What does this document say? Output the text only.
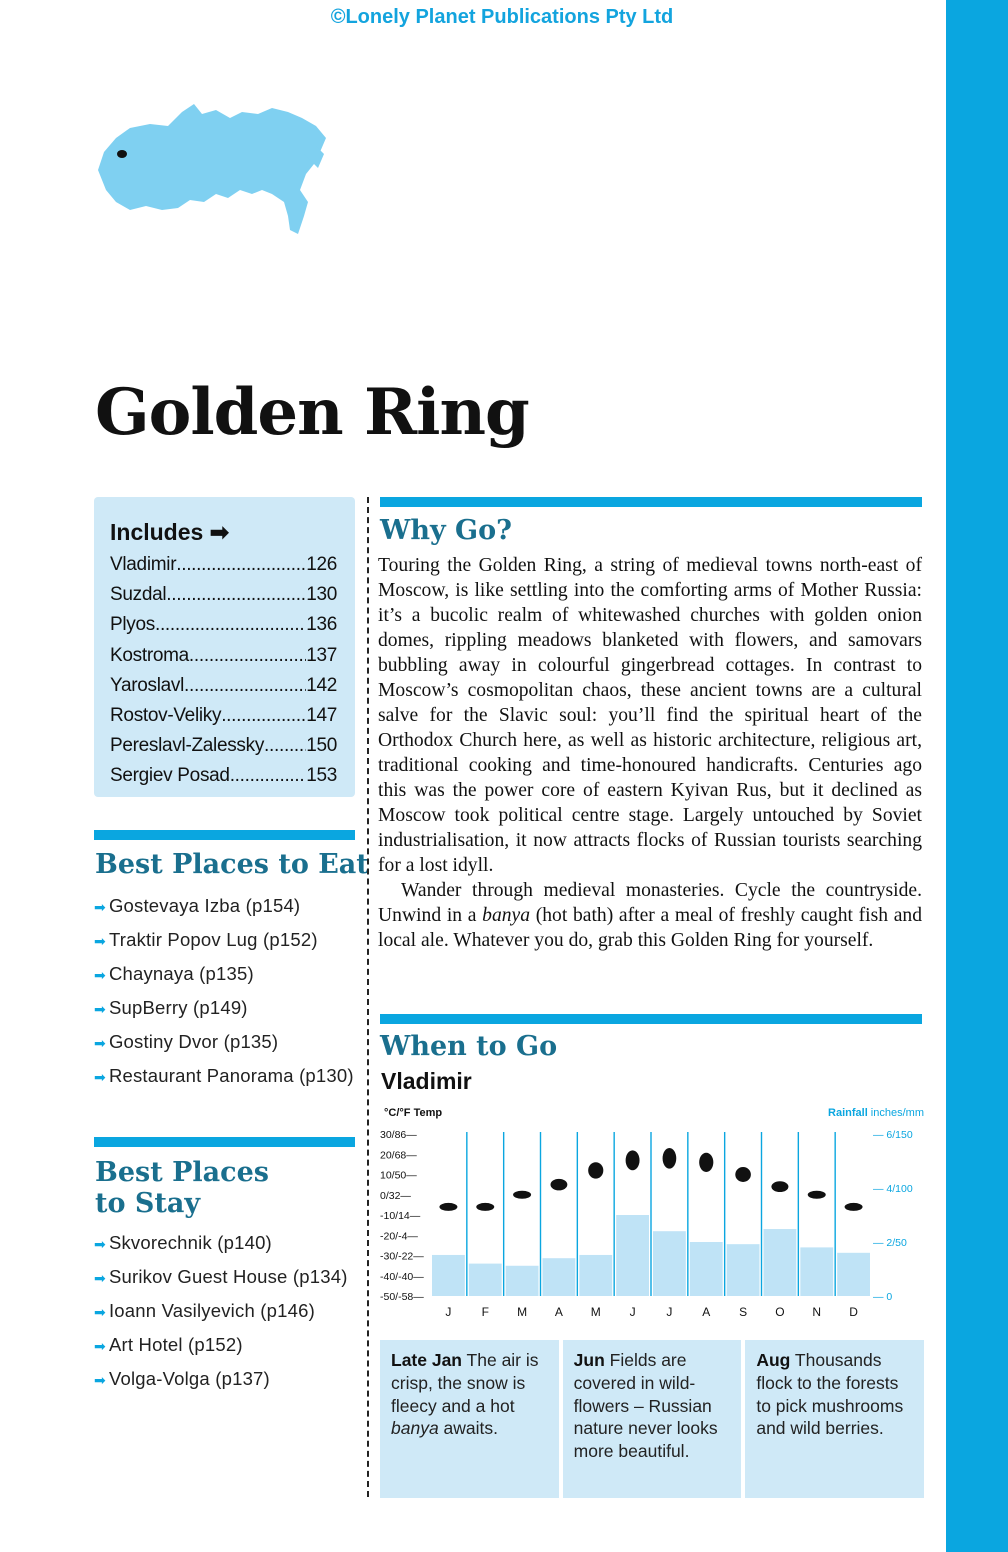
©Lonely Planet Publications Pty Ltd
Golden Ring
Includes ➡
Vladimir .....	126
Suzdal .....	130
Plyos .....	136
Kostroma .....	137
Yaroslavl .....	142
Rostov-Veliky .....	147
Pereslavl-Zalessky ..... 150
Sergiev Posad .....	153
Best Places to Eat
➡ Gostevaya Izba (p154)
➡ Traktir Popov Lug (p152)
➡ Chaynaya (p135)
➡ SupBerry (p149)
➡ Gostiny Dvor (p135)
➡ Restaurant Panorama (p130)
Best Places
to Stay
➡ Skvorechnik (p140)
➡ Surikov Guest House (p134)
➡ Ioann Vasilyevich (p146)
➡ Art Hotel (p152)
➡ Volga-Volga (p137)
Why Go?

Touring the Golden Ring, a string of medieval towns north-east of Moscow, is like settling into the comforting arms of Mother Russia: it’s a bucolic realm of whitewashed churches with golden onion domes, rippling meadows blanketed with flowers, and samovars bubbling away in colourful gingerbread cottages. In contrast to Moscow’s cosmopolitan chaos, these ancient towns are a cultural salve for the Slavic soul: you’ll find the spiritual heart of the Orthodox Church here, as well as historic architecture, religious art, traditional cooking and time-honoured handicrafts. Centuries ago this was the power core of eastern Kyivan Rus, but it declined as Moscow took political centre stage. Largely untouched by Soviet industrialisation, it now attracts flocks of Russian tourists searching for a lost idyll.

Wander through medieval monasteries. Cycle the countryside. Unwind in a banya (hot bath) after a meal of freshly caught fish and local ale. Whatever you do, grab this Golden Ring for yourself.

When to Go
Vladimir
°C/°F Temp	Rainfall inches/mm
30/86—
20/68—
10/50—
0/32—
-10/14—
-20/-4—
-30/-22—
-40/-40—
-50/-58—
— 6/150
— 4/100
— 2/50
— 0
J	F M A M J	J A S O N D
Late Jan The air is crisp, the snow is fleecy and a hot banya awaits.
Jun Fields are covered in wild-flowers – Russian nature never looks more beautiful.
Aug Thousands flock to the forests to pick mushrooms and wild berries.
